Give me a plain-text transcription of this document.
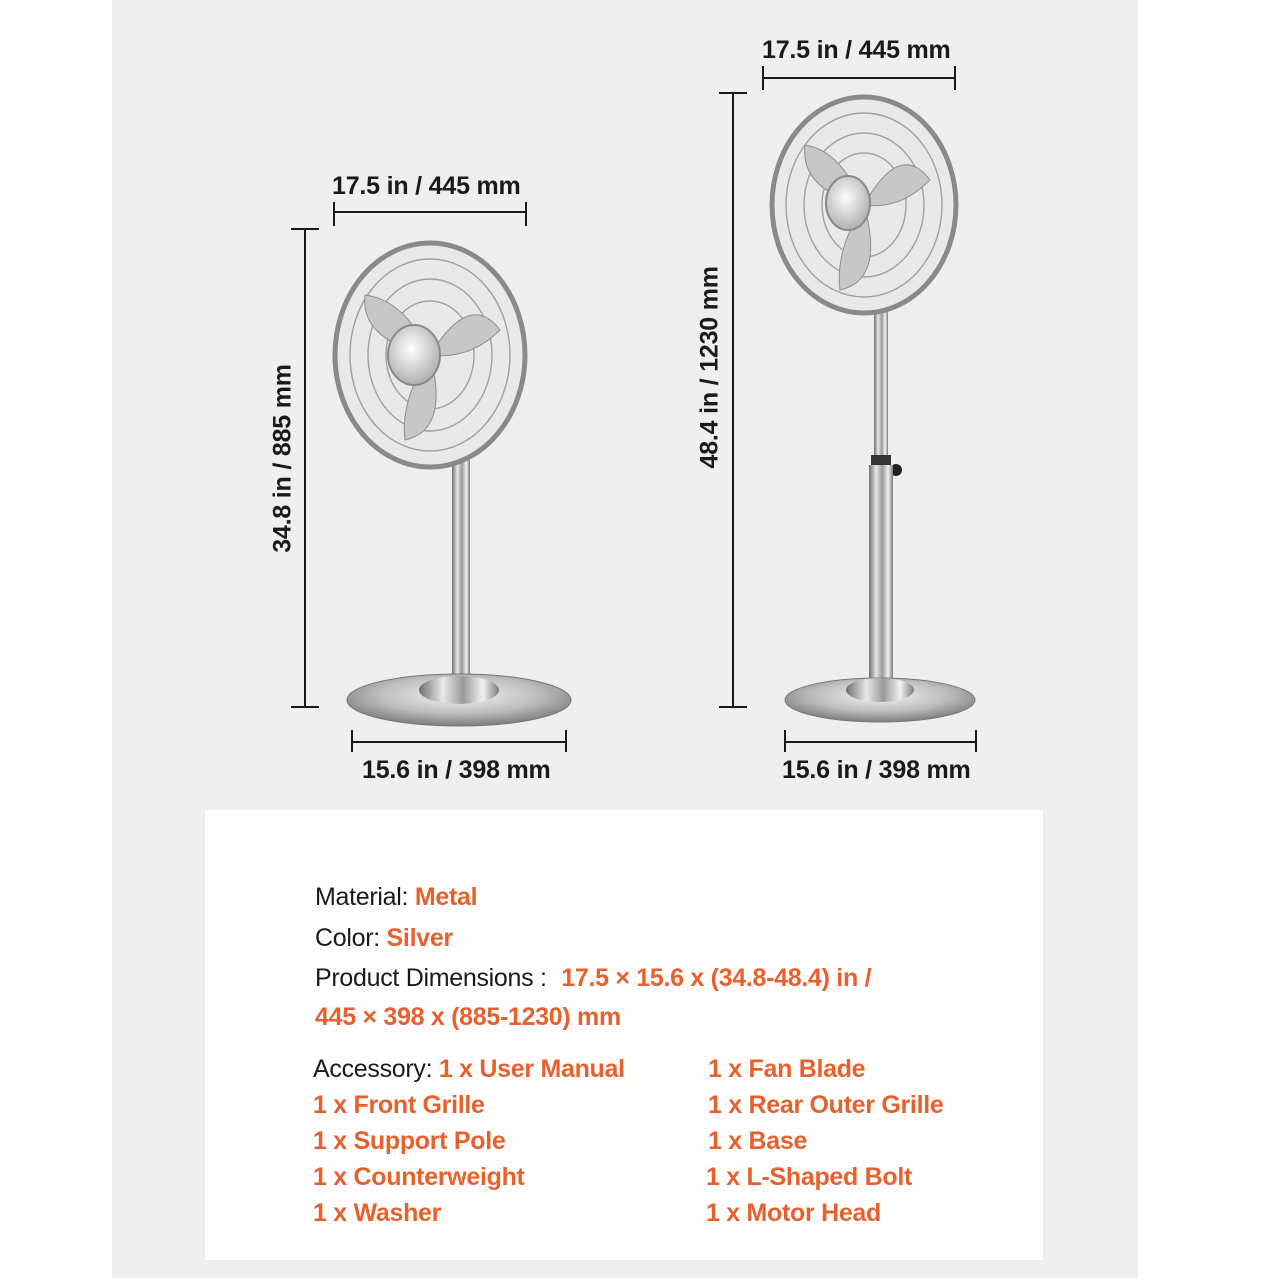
17.5 in / 445 mm
34.8 in / 885 mm
15.6 in / 398 mm
17.5 in / 445 mm
48.4 in / 1230 mm
15.6 in / 398 mm
Material: Metal
Color: Silver
Product Dimensions : 17.5 × 15.6 x (34.8-48.4) in /
445 × 398 x (885-1230) mm
Accessory: 1 x User Manual
1 x Front Grille
1 x Support Pole
1 x Counterweight
1 x Washer
1 x Fan Blade
1 x Rear Outer Grille
1 x Base
1 x L-Shaped Bolt
1 x Motor Head
